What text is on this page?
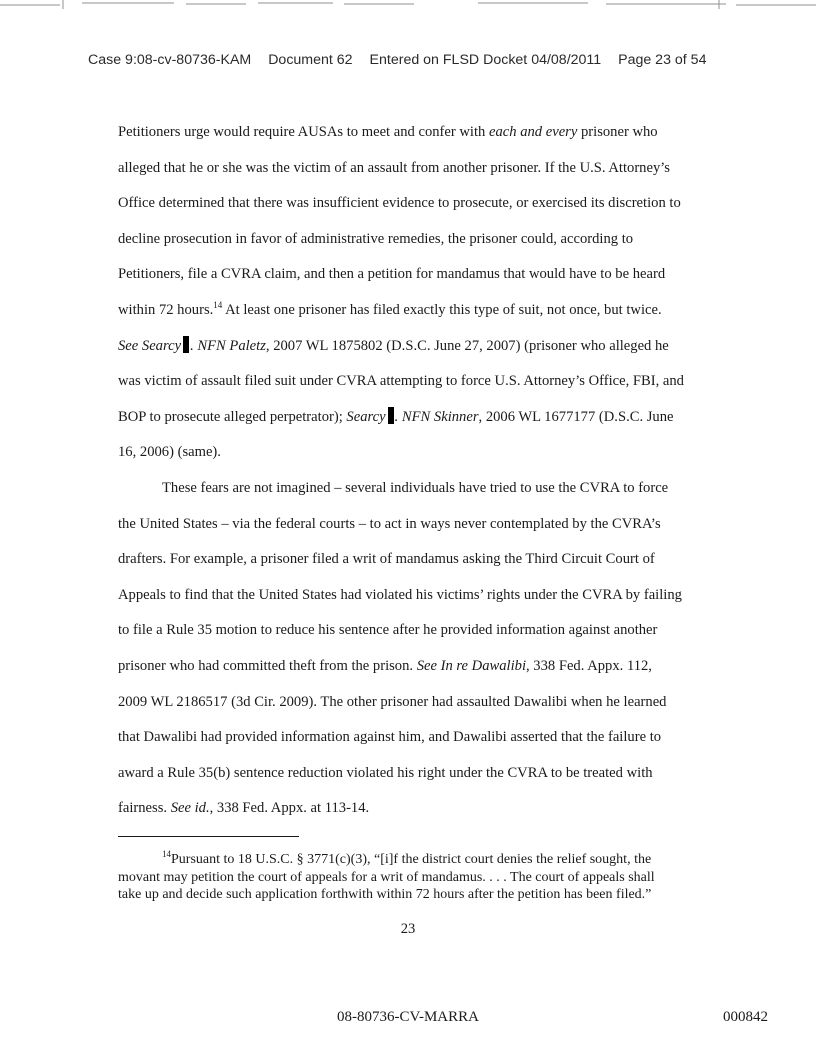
Case 9:08-cv-80736-KAM Document 62 Entered on FLSD Docket 04/08/2011 Page 23 of 54
Petitioners urge would require AUSAs to meet and confer with each and every prisoner who
alleged that he or she was the victim of an assault from another prisoner. If the U.S. Attorney’s
Office determined that there was insufficient evidence to prosecute, or exercised its discretion to
decline prosecution in favor of administrative remedies, the prisoner could, according to
Petitioners, file a CVRA claim, and then a petition for mandamus that would have to be heard
within 72 hours.$^{14}$ At least one prisoner has filed exactly this type of suit, not once, but twice.
See Searcy . NFN Paletz, 2007 WL 1875802 (D.S.C. June 27, 2007) (prisoner who alleged he
was victim of assault filed suit under CVRA attempting to force U.S. Attorney’s Office, FBI, and
BOP to prosecute alleged perpetrator); Searcy . NFN Skinner, 2006 WL 1677177 (D.S.C. June
16, 2006) (same).
These fears are not imagined – several individuals have tried to use the CVRA to force
the United States – via the federal courts – to act in ways never contemplated by the CVRA’s
drafters. For example, a prisoner filed a writ of mandamus asking the Third Circuit Court of
Appeals to find that the United States had violated his victims’ rights under the CVRA by failing
to file a Rule 35 motion to reduce his sentence after he provided information against another
prisoner who had committed theft from the prison. See In re Dawalibi, 338 Fed. Appx. 112,
2009 WL 2186517 (3d Cir. 2009). The other prisoner had assaulted Dawalibi when he learned
that Dawalibi had provided information against him, and Dawalibi asserted that the failure to
award a Rule 35(b) sentence reduction violated his right under the CVRA to be treated with
fairness. See id., 338 Fed. Appx. at 113-14.
$^{14}$Pursuant to 18 U.S.C. § 3771(c)(3), “[i]f the district court denies the relief sought, the
movant may petition the court of appeals for a writ of mandamus. . . . The court of appeals shall
take up and decide such application forthwith within 72 hours after the petition has been filed.”
23
08-80736-CV-MARRA	000842
